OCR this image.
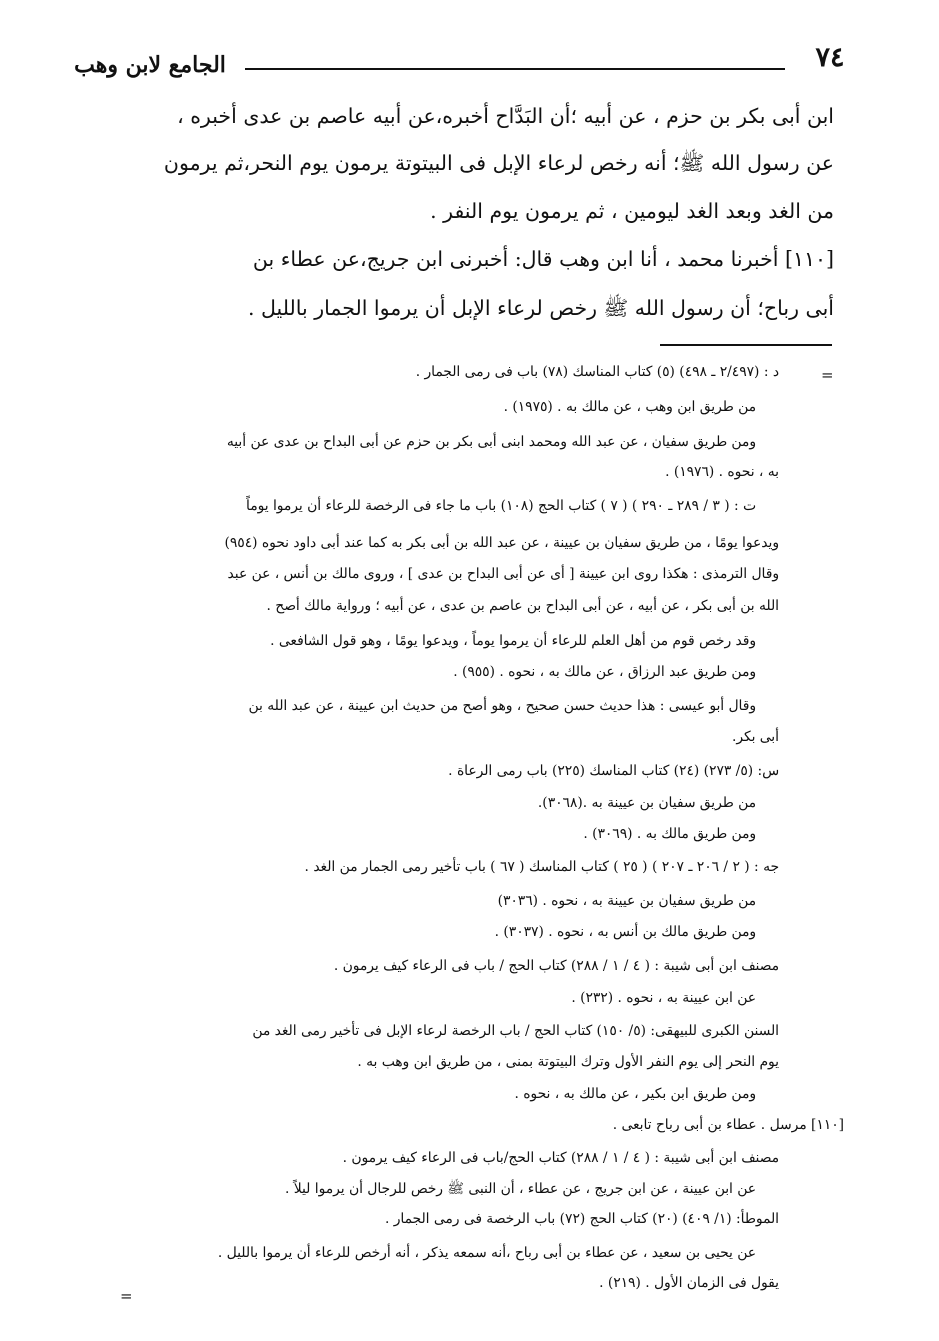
٧٤
الجامع لابن وهب
ابن أبى بكر بن حزم ، عن أبيه ؛أن البَدَّاح أخبره،عن أبيه عاصم بن عدى أخبره ،
عن رسول الله ﷺ؛ أنه رخص لرعاء الإبل فى البيتوتة يرمون يوم النحر،ثم يرمون
من الغد وبعد الغد ليومين ، ثم يرمون يوم النفر .
[١١٠] أخبرنا محمد ، أنا ابن وهب قال: أخبرنى ابن جريج،عن عطاء بن
أبى رباح؛ أن رسول الله ﷺ رخص لرعاء الإبل أن يرموا الجمار بالليل .
=
د : (٢/٤٩٧ ـ ٤٩٨) (٥) كتاب المناسك (٧٨) باب فى رمى الجمار .
من طريق ابن وهب ، عن مالك به . (١٩٧٥) .
ومن طريق سفيان ، عن عبد الله ومحمد ابنى أبى بكر بن حزم عن أبى البداح بن عدى عن أبيه
به ، نحوه . (١٩٧٦) .
ت : ( ٣ / ٢٨٩ ـ ٢٩٠ ) ( ٧ ) كتاب الحج (١٠٨) باب ما جاء فى الرخصة للرعاء أن يرموا يوماً
ويدعوا يومًا ، من طريق سفيان بن عيينة ، عن عبد الله بن أبى بكر به كما عند أبى داود نحوه (٩٥٤)
وقال الترمذى : هكذا روى ابن عيينة [ أى عن أبى البداح بن عدى ] ، وروى مالك بن أنس ، عن عبد
الله بن أبى بكر ، عن أبيه ، عن أبى البداح بن عاصم بن عدى ، عن أبيه ؛ ورواية مالك أصح .
وقد رخص قوم من أهل العلم للرعاء أن يرموا يوماً ، ويدعوا يومًا ، وهو قول الشافعى .
ومن طريق عبد الرزاق ، عن مالك به ، نحوه . (٩٥٥) .
وقال أبو عيسى : هذا حديث حسن صحيح ، وهو أصح من حديث ابن عيينة ، عن عبد الله بن
أبى بكر.
س: (٥/ ٢٧٣) (٢٤) كتاب المناسك (٢٢٥) باب رمى الرعاة .
من طريق سفيان بن عيينة به .(٣٠٦٨).
ومن طريق مالك به . (٣٠٦٩) .
جه : ( ٢ / ٢٠٦ ـ ٢٠٧ ) ( ٢٥ ) كتاب المناسك ( ٦٧ ) باب تأخير رمى الجمار من الغد .
من طريق سفيان بن عيينة به ، نحوه . (٣٠٣٦)
ومن طريق مالك بن أنس به ، نحوه . (٣٠٣٧) .
مصنف ابن أبى شيبة : ( ٤ / ١ / ٢٨٨) كتاب الحج / باب فى الرعاء كيف يرمون .
عن ابن عيينة به ، نحوه . (٢٣٢) .
السنن الكبرى للبيهقى: (٥/ ١٥٠) كتاب الحج / باب الرخصة لرعاء الإبل فى تأخير رمى الغد من
يوم النحر إلى يوم النفر الأول وترك البيتوتة بمنى ، من طريق ابن وهب به .
ومن طريق ابن بكير ، عن مالك به ، نحوه .
[١١٠] مرسل . عطاء بن أبى رباح تابعى .
مصنف ابن أبى شيبة : ( ٤ / ١ / ٢٨٨) كتاب الحج/باب فى الرعاء كيف يرمون .
عن ابن عيينة ، عن ابن جريج ، عن عطاء ، أن النبى ﷺ رخص للرجال أن يرموا ليلاً .
الموطأ: (١/ ٤٠٩) (٢٠) كتاب الحج (٧٢) باب الرخصة فى رمى الجمار .
عن يحيى بن سعيد ، عن عطاء بن أبى رباح ،أنه سمعه يذكر ، أنه أرخص للرعاء أن يرموا بالليل .
يقول فى الزمان الأول . (٢١٩) .
=
